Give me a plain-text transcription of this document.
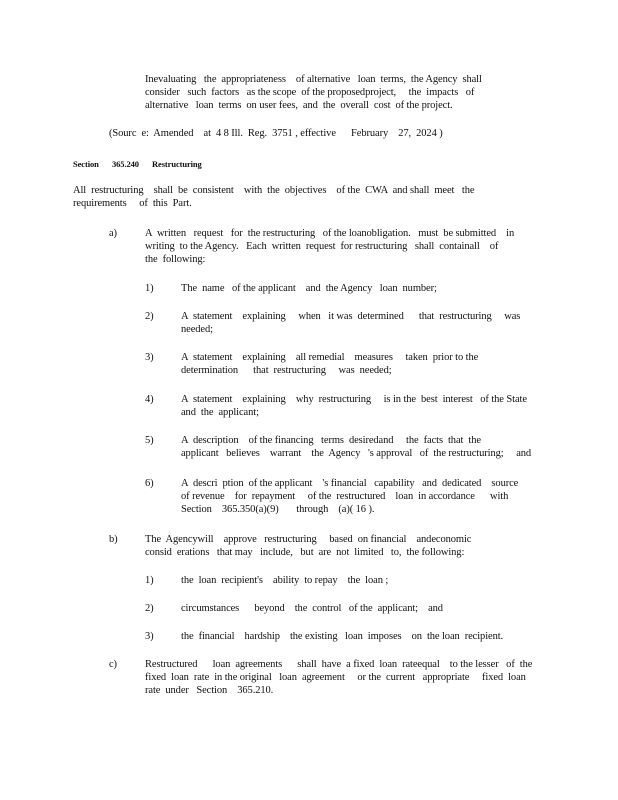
Inevaluating   the  appropriateness    of alternative   loan  terms,  the Agency  shall
consider   such  factors   as the scope  of the proposedproject,     the  impacts   of
alternative   loan  terms  on user fees,  and  the  overall  cost  of the project.
(Sourc  e:  Amended    at  4 8 Ill.  Reg.  3751 , effective      February    27,  2024 )
Section 365.240 Restructuring
All  restructuring    shall  be  consistent    with  the  objectives    of the  CWA  and shall  meet   the
requirements     of  this  Part.
a)	A  written   request   for  the restructuring   of the loanobligation.   must  be submitted    in
writing  to the Agency.   Each  written  request  for restructuring   shall  containall    of
the  following:
1)	The  name   of the applicant    and  the Agency   loan  number;
2)	A  statement    explaining     when   it was  determined      that  restructuring     was
needed;
3)	A  statement    explaining    all remedial    measures     taken  prior to the
determination      that  restructuring     was  needed;
4)	A  statement    explaining    why  restructuring     is in the  best  interest   of the State
and  the  applicant;
5)	A  description    of the financing   terms  desiredand     the  facts  that  the
applicant   believes    warrant    the  Agency   's approval   of  the restructuring;     and
6)	A  descri  ption  of the applicant    's financial   capability   and  dedicated    source
of revenue    for  repayment     of the  restructured    loan  in accordance      with
Section    365.350(a)(9)       through    (a)( 16 ).
b)	The  Agencywill    approve   restructuring     based  on financial    andeconomic
consid  erations   that may   include,   but  are  not  limited   to,  the following:
1)	the  loan  recipient's    ability  to repay    the  loan ;
2)	circumstances      beyond    the  control   of the  applicant;    and
3)	the  financial    hardship    the existing   loan  imposes    on  the loan  recipient.
c)	Restructured      loan  agreements      shall  have  a fixed  loan  rateequal    to the lesser   of  the
fixed  loan  rate  in the original   loan  agreement     or the  current   appropriate     fixed  loan
rate  under   Section    365.210.
